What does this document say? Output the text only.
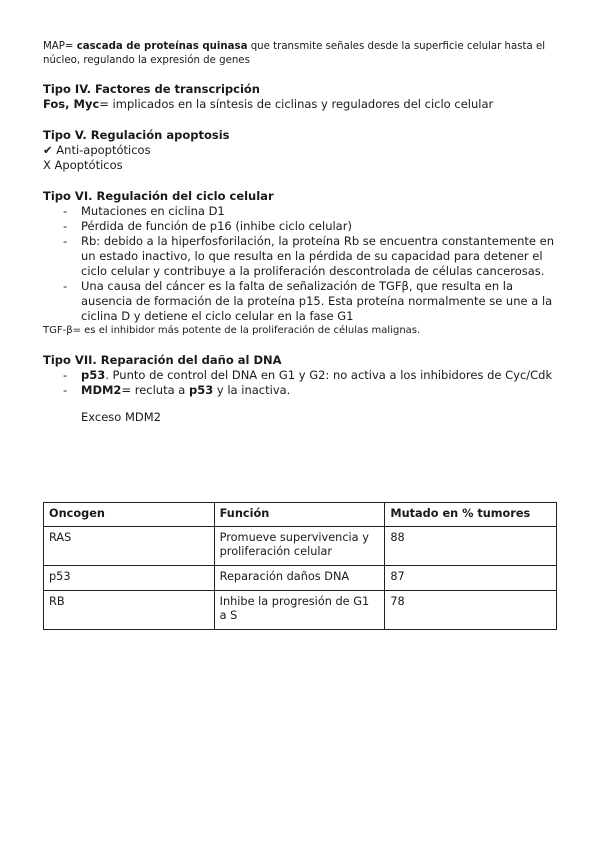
MAP= cascada de proteínas quinasa que transmite señales desde la superficie celular hasta el núcleo, regulando la expresión de genes

Tipo IV. Factores de transcripción

Fos, Myc= implicados en la síntesis de ciclinas y reguladores del ciclo celular

Tipo V. Regulación apoptosis

✔ Anti-apoptóticos

X Apoptóticos

Tipo VI. Regulación del ciclo celular
- Mutaciones en ciclina D1
- Pérdida de función de p16 (inhibe ciclo celular)
- Rb: debido a la hiperfosforilación, la proteína Rb se encuentra constantemente en un estado inactivo, lo que resulta en la pérdida de su capacidad para detener el ciclo celular y contribuye a la proliferación descontrolada de células cancerosas.
- Una causa del cáncer es la falta de señalización de TGFβ, que resulta en la ausencia de formación de la proteína p15. Esta proteína normalmente se une a la ciclina D y detiene el ciclo celular en la fase G1

TGF-β= es el inhibidor más potente de la proliferación de células malignas.

Tipo VII. Reparación del daño al DNA
- p53. Punto de control del DNA en G1 y G2: no activa a los inhibidores de Cyc/Cdk
- MDM2= recluta a p53 y la inactiva.

Exceso MDM2

Oncogen	Función	Mutado en % tumores
RAS	Promueve supervivencia y proliferación celular	88
p53	Reparación daños DNA	87
RB	Inhibe la progresión de G1 a S	78
